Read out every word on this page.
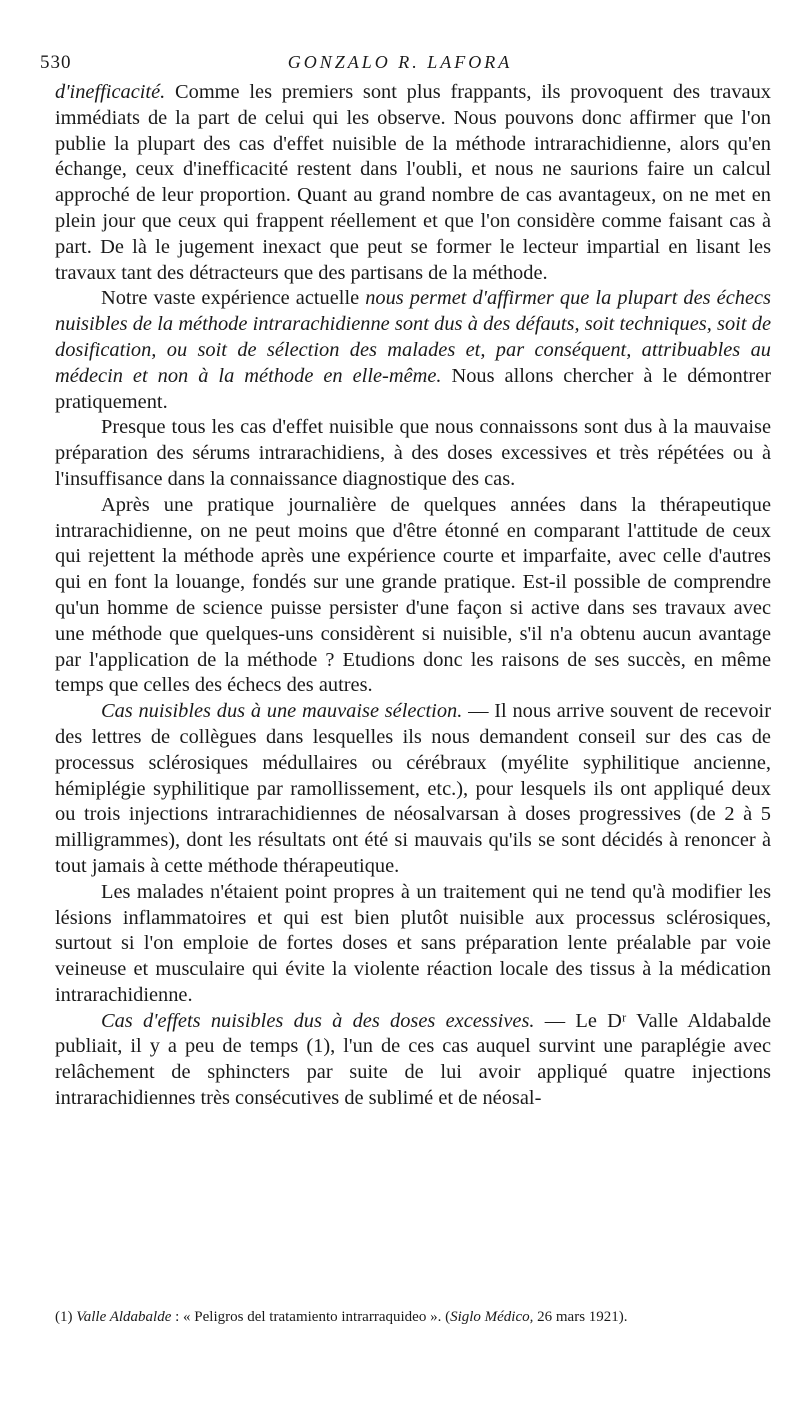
530	GONZALO R. LAFORA

d'inefficacité. Comme les premiers sont plus frappants, ils provoquent des travaux immédiats de la part de celui qui les observe. Nous pouvons donc affirmer que l'on publie la plupart des cas d'effet nuisible de la méthode intrarachidienne, alors qu'en échange, ceux d'inefficacité restent dans l'oubli, et nous ne saurions faire un calcul approché de leur proportion. Quant au grand nombre de cas avantageux, on ne met en plein jour que ceux qui frappent réellement et que l'on considère comme faisant cas à part. De là le jugement inexact que peut se former le lecteur impartial en lisant les travaux tant des détracteurs que des partisans de la méthode.

Notre vaste expérience actuelle nous permet d'affirmer que la plupart des échecs nuisibles de la méthode intrarachidienne sont dus à des défauts, soit techniques, soit de dosification, ou soit de sélection des malades et, par conséquent, attribuables au médecin et non à la méthode en elle-même. Nous allons chercher à le démontrer pratiquement.

Presque tous les cas d'effet nuisible que nous connaissons sont dus à la mauvaise préparation des sérums intrarachidiens, à des doses excessives et très répétées ou à l'insuffisance dans la connaissance diagnostique des cas.

Après une pratique journalière de quelques années dans la thérapeutique intrarachidienne, on ne peut moins que d'être étonné en comparant l'attitude de ceux qui rejettent la méthode après une expérience courte et imparfaite, avec celle d'autres qui en font la louange, fondés sur une grande pratique. Est-il possible de comprendre qu'un homme de science puisse persister d'une façon si active dans ses travaux avec une méthode que quelques-uns considèrent si nuisible, s'il n'a obtenu aucun avantage par l'application de la méthode ? Etudions donc les raisons de ses succès, en même temps que celles des échecs des autres.

Cas nuisibles dus à une mauvaise sélection. — Il nous arrive souvent de recevoir des lettres de collègues dans lesquelles ils nous demandent conseil sur des cas de processus sclérosiques médullaires ou cérébraux (myélite syphilitique ancienne, hémiplégie syphilitique par ramollissement, etc.), pour lesquels ils ont appliqué deux ou trois injections intrarachidiennes de néosalvarsan à doses progressives (de 2 à 5 milligrammes), dont les résultats ont été si mauvais qu'ils se sont décidés à renoncer à tout jamais à cette méthode thérapeutique.

Les malades n'étaient point propres à un traitement qui ne tend qu'à modifier les lésions inflammatoires et qui est bien plutôt nuisible aux processus sclérosiques, surtout si l'on emploie de fortes doses et sans préparation lente préalable par voie veineuse et musculaire qui évite la violente réaction locale des tissus à la médication intrarachidienne.

Cas d'effets nuisibles dus à des doses excessives. — Le Dʳ Valle Aldabalde publiait, il y a peu de temps (1), l'un de ces cas auquel survint une paraplégie avec relâchement de sphincters par suite de lui avoir appliqué quatre injections intrarachidiennes très consécutives de sublimé et de néosal-

(1) Valle Aldabalde : « Peligros del tratamiento intrarraquideo ». (Siglo Médico, 26 mars 1921).
